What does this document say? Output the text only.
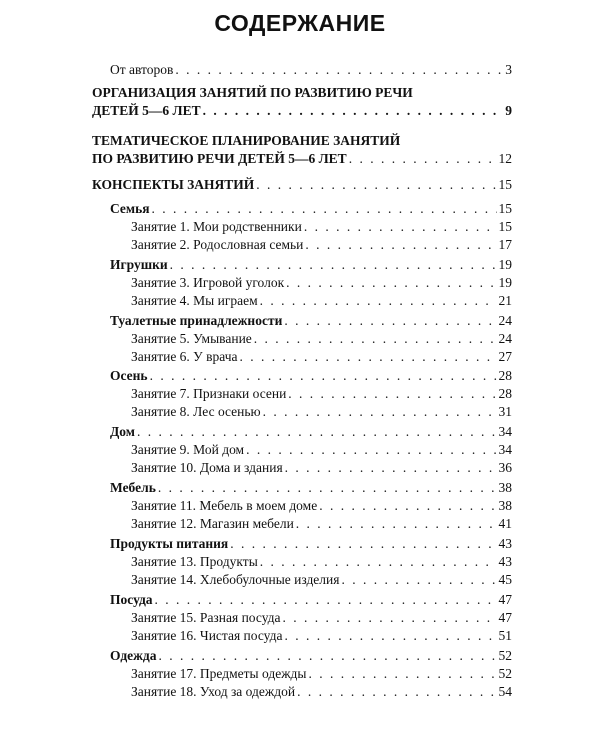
СОДЕРЖАНИЕ
От авторов . . .	3
ОРГАНИЗАЦИЯ ЗАНЯТИЙ ПО РАЗВИТИЮ РЕЧИ
ДЕТЕЙ 5—6 ЛЕТ . . .	9
ТЕМАТИЧЕСКОЕ ПЛАНИРОВАНИЕ ЗАНЯТИЙ
ПО РАЗВИТИЮ РЕЧИ ДЕТЕЙ 5—6 ЛЕТ . . .	12
КОНСПЕКТЫ ЗАНЯТИЙ . . .	15
Семья . . .	15
Занятие 1. Мои родственники . . .	15
Занятие 2. Родословная семьи . . .	17
Игрушки . . .	19
Занятие 3. Игровой уголок . . .	19
Занятие 4. Мы играем . . .	21
Туалетные принадлежности . . .	24
Занятие 5. Умывание . . .	24
Занятие 6. У врача . . .	27
Осень . . .	28
Занятие 7. Признаки осени . . .	28
Занятие 8. Лес осенью . . .	31
Дом . . .	34
Занятие 9. Мой дом . . .	34
Занятие 10. Дома и здания . . .	36
Мебель . . .	38
Занятие 11. Мебель в моем доме . . .	38
Занятие 12. Магазин мебели . . .	41
Продукты питания . . .	43
Занятие 13. Продукты . . .	43
Занятие 14. Хлебобулочные изделия . . .	45
Посуда . . .	47
Занятие 15. Разная посуда . . .	47
Занятие 16. Чистая посуда . . .	51
Одежда . . .	52
Занятие 17. Предметы одежды . . .	52
Занятие 18. Уход за одеждой . . .	54
